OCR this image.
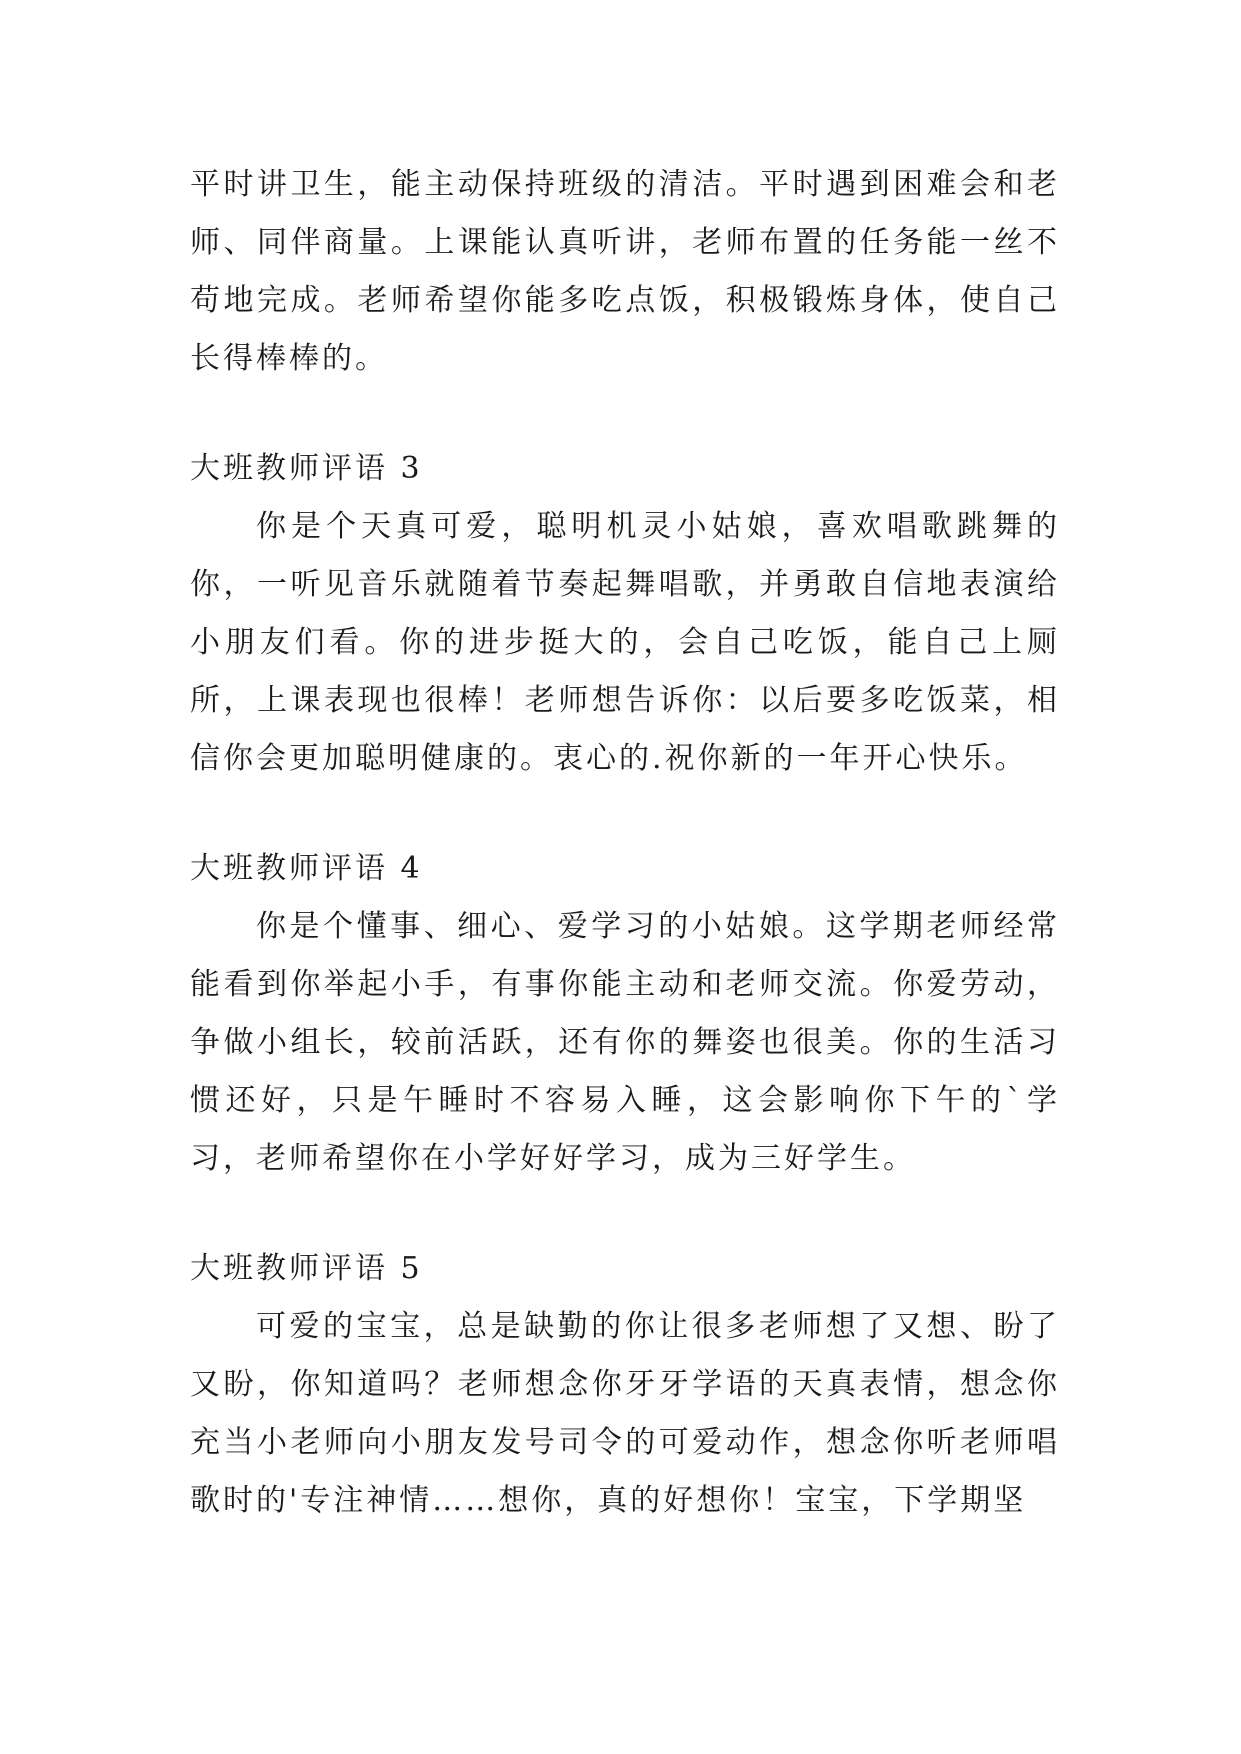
平时讲卫生，能主动保持班级的清洁。平时遇到困难会和老师、同伴商量。上课能认真听讲，老师布置的任务能一丝不苟地完成。老师希望你能多吃点饭，积极锻炼身体，使自己长得棒棒的。

大班教师评语 3

你是个天真可爱，聪明机灵小姑娘，喜欢唱歌跳舞的你，一听见音乐就随着节奏起舞唱歌，并勇敢自信地表演给小朋友们看。你的进步挺大的，会自己吃饭，能自己上厕所，上课表现也很棒！老师想告诉你：以后要多吃饭菜，相信你会更加聪明健康的。衷心的.祝你新的一年开心快乐。

大班教师评语 4

你是个懂事、细心、爱学习的小姑娘。这学期老师经常能看到你举起小手，有事你能主动和老师交流。你爱劳动，争做小组长，较前活跃，还有你的舞姿也很美。你的生活习惯还好，只是午睡时不容易入睡，这会影响你下午的`学习，老师希望你在小学好好学习，成为三好学生。

大班教师评语 5

可爱的宝宝，总是缺勤的你让很多老师想了又想、盼了又盼，你知道吗？老师想念你牙牙学语的天真表情，想念你充当小老师向小朋友发号司令的可爱动作，想念你听老师唱歌时的'专注神情……想你，真的好想你！宝宝，下学期坚
